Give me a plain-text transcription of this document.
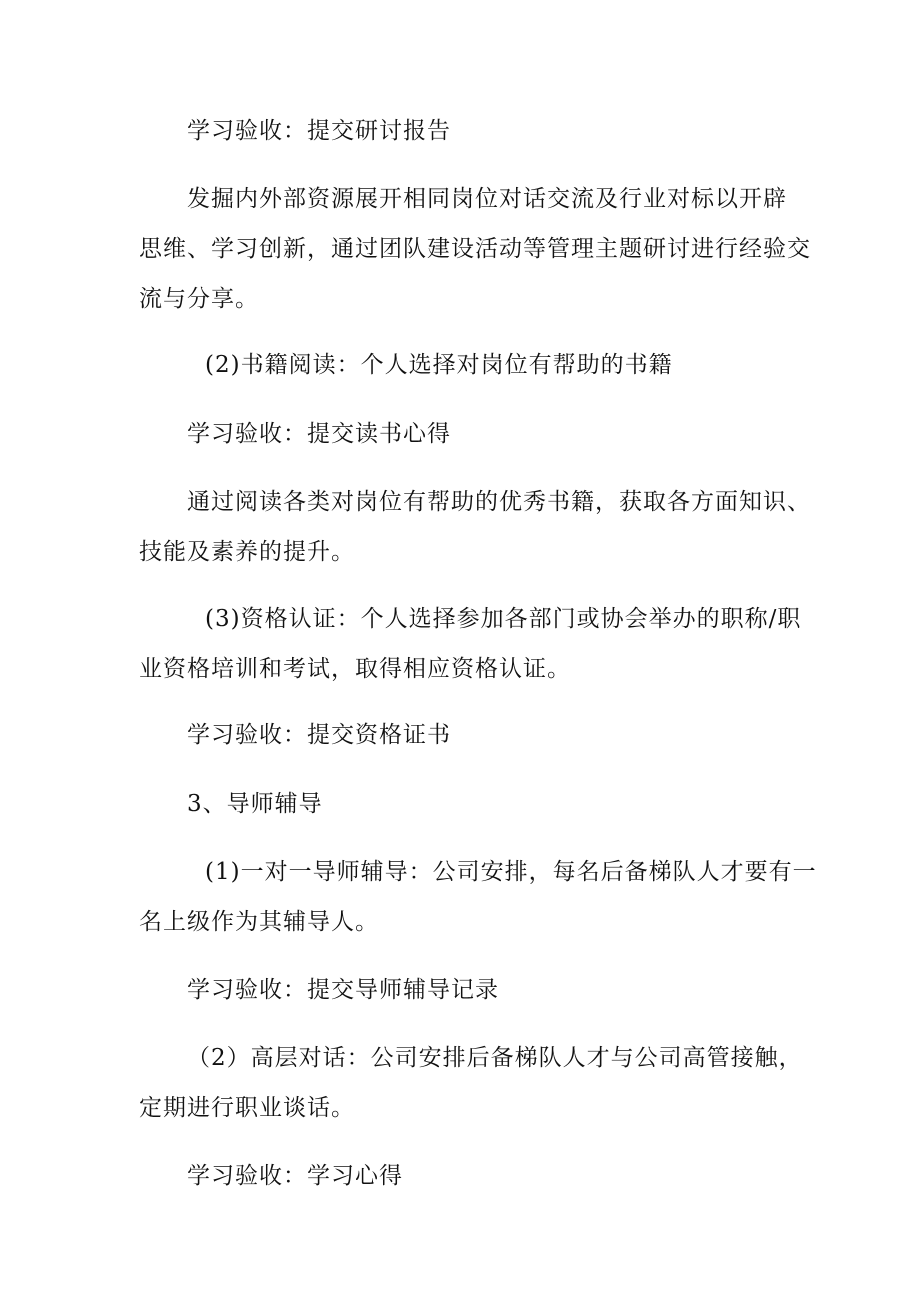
学习验收：提交研讨报告
发掘内外部资源展开相同岗位对话交流及行业对标以开辟
思维、学习创新，通过团队建设活动等管理主题研讨进行经验交
流与分享。
(2)书籍阅读：个人选择对岗位有帮助的书籍
学习验收：提交读书心得
通过阅读各类对岗位有帮助的优秀书籍，获取各方面知识、
技能及素养的提升。
(3)资格认证：个人选择参加各部门或协会举办的职称/职
业资格培训和考试，取得相应资格认证。
学习验收：提交资格证书
3、导师辅导
(1)一对一导师辅导：公司安排，每名后备梯队人才要有一
名上级作为其辅导人。
学习验收：提交导师辅导记录
（2）高层对话：公司安排后备梯队人才与公司高管接触，
定期进行职业谈话。
学习验收：学习心得
